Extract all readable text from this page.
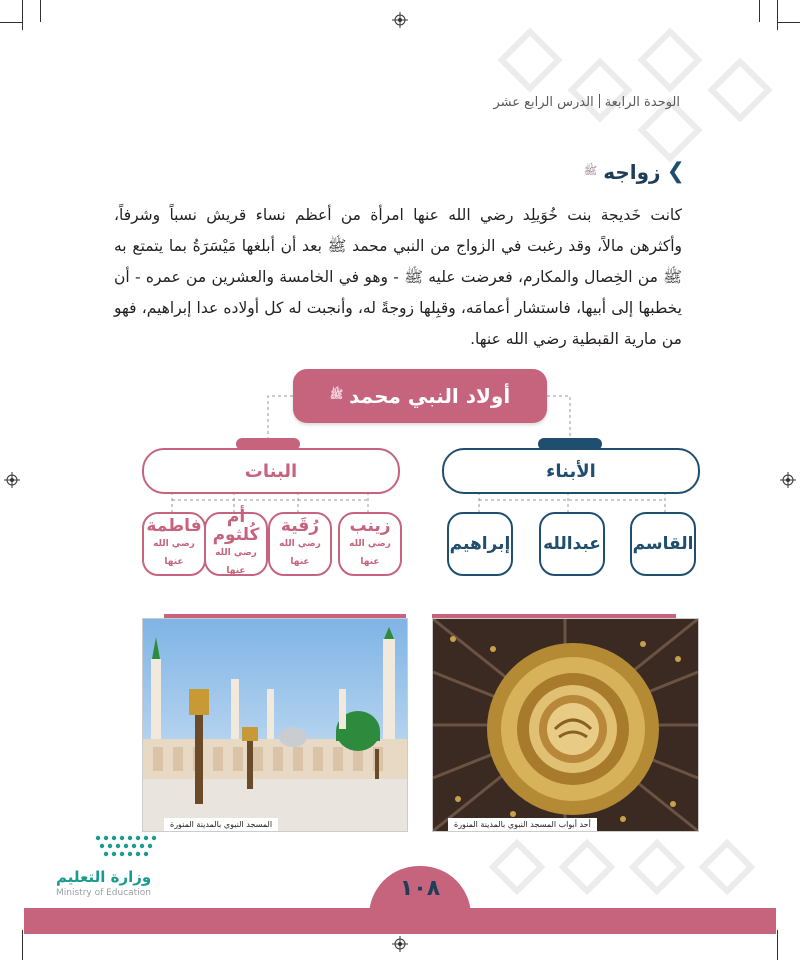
الوحدة الرابعةالدرس الرابع عشر
❯
زواجه
ﷺ
كانت خَديجة بنت خُوَيلِد رضي الله عنها امرأة من أعظم نساء قريش نسباً وشرفاً، وأكثرهن مالاً، وقد رغبت في الزواج من النبي محمد ﷺ بعد أن أبلغها مَيْسَرَةُ بما يتمتع به ﷺ من الخِصال والمكارم، فعرضت عليه ﷺ - وهو في الخامسة والعشرين من عمره - أن يخطبها إلى أبيها، فاستشار أعمامَه، وقبِلها زوجةً له، وأنجبت له كل أولاده عدا إبراهيم، فهو من مارية القبطية رضي الله عنها.
أولاد النبي محمد
ﷺ
الأبناء
البنات
القاسم
عبدالله
إبراهيم
زينب
رضي الله عنها
رُقَية
رضي الله عنها
أم
كُلثوم
رضي الله عنها
فاطمة
رضي الله عنها
المسجد النبوي بالمدينة المنورة	أحد أبواب المسجد النبوي بالمدينة المنورة
١٠٨
وزارة التعليم
Ministry of Education
2022 - 1444
